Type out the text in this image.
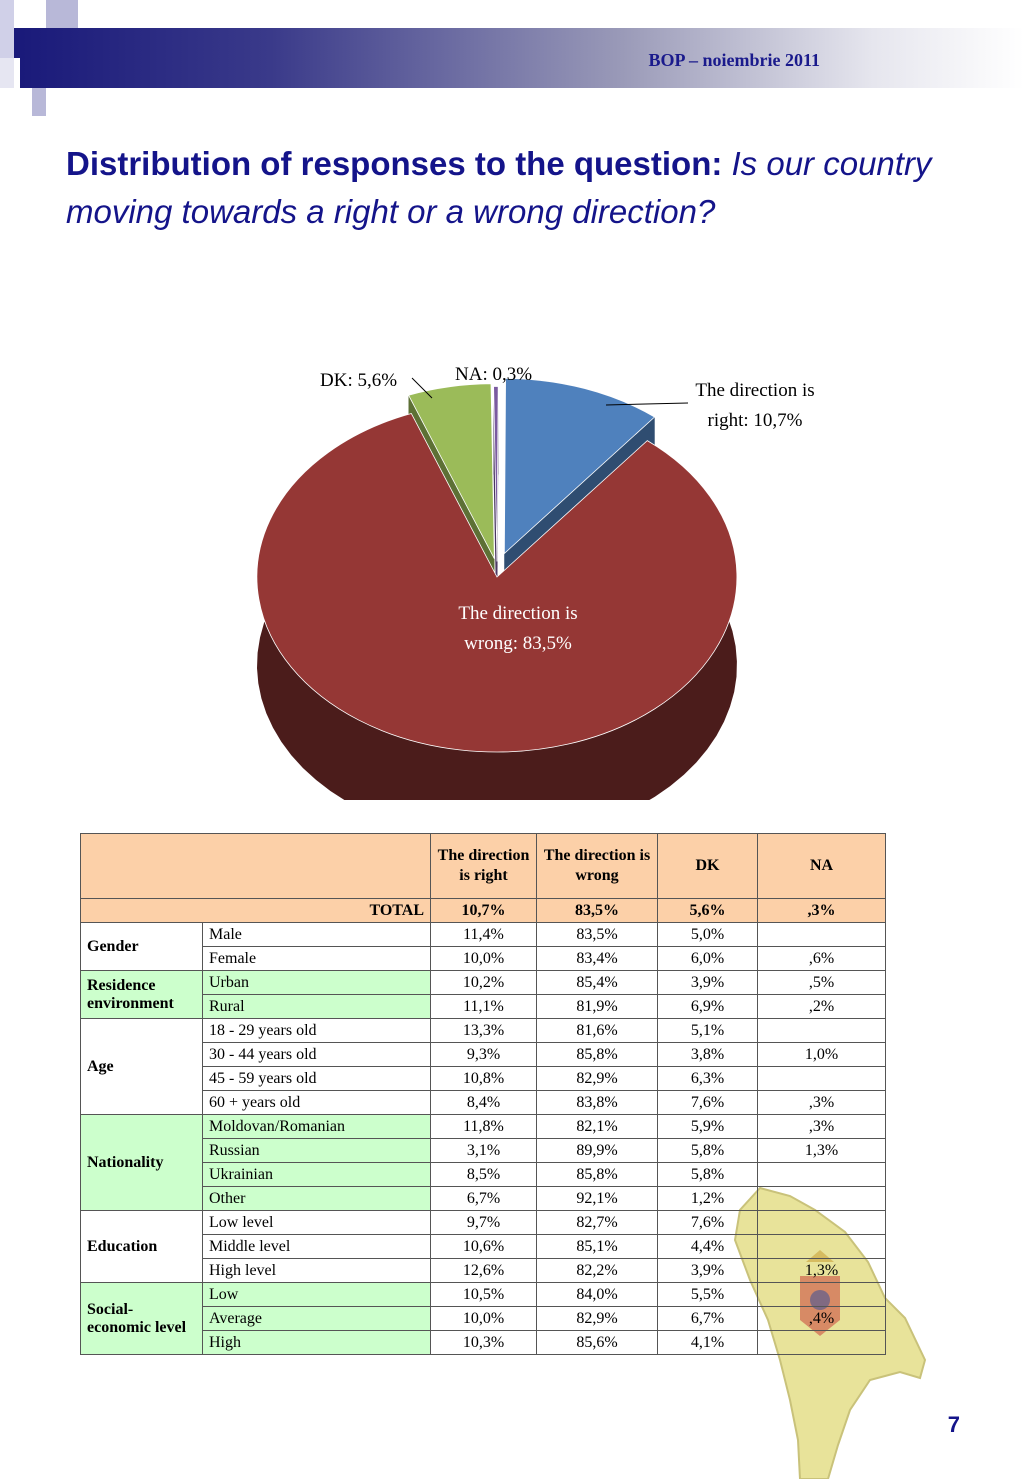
BOP – noiembrie 2011
Distribution of responses to the question: Is our country moving towards a right or a wrong direction?
The direction is
right: 10,7%
The direction is
wrong: 83,5%
DK: 5,6%	NA: 0,3%
		The direction is right	The direction is wrong	DK	NA
TOTAL		10,7%	83,5%	5,6%	,3%
Gender	Male	11,4%	83,5%	5,0%	
	Female	10,0%	83,4%	6,0%	,6%
Residence environment	Urban	10,2%	85,4%	3,9%	,5%
	Rural	11,1%	81,9%	6,9%	,2%
Age	18 - 29 years old	13,3%	81,6%	5,1%	
	30 - 44 years old	9,3%	85,8%	3,8%	1,0%
	45 - 59 years old	10,8%	82,9%	6,3%	
	60 + years old	8,4%	83,8%	7,6%	,3%
Nationality	Moldovan/Romanian	11,8%	82,1%	5,9%	,3%
	Russian	3,1%	89,9%	5,8%	1,3%
	Ukrainian	8,5%	85,8%	5,8%	
	Other	6,7%	92,1%	1,2%	
Education	Low level	9,7%	82,7%	7,6%	
	Middle level	10,6%	85,1%	4,4%	
	High level	12,6%	82,2%	3,9%	1,3%
Social-economic level	Low	10,5%	84,0%	5,5%	
	Average	10,0%	82,9%	6,7%	,4%
	High	10,3%	85,6%	4,1%	
7
